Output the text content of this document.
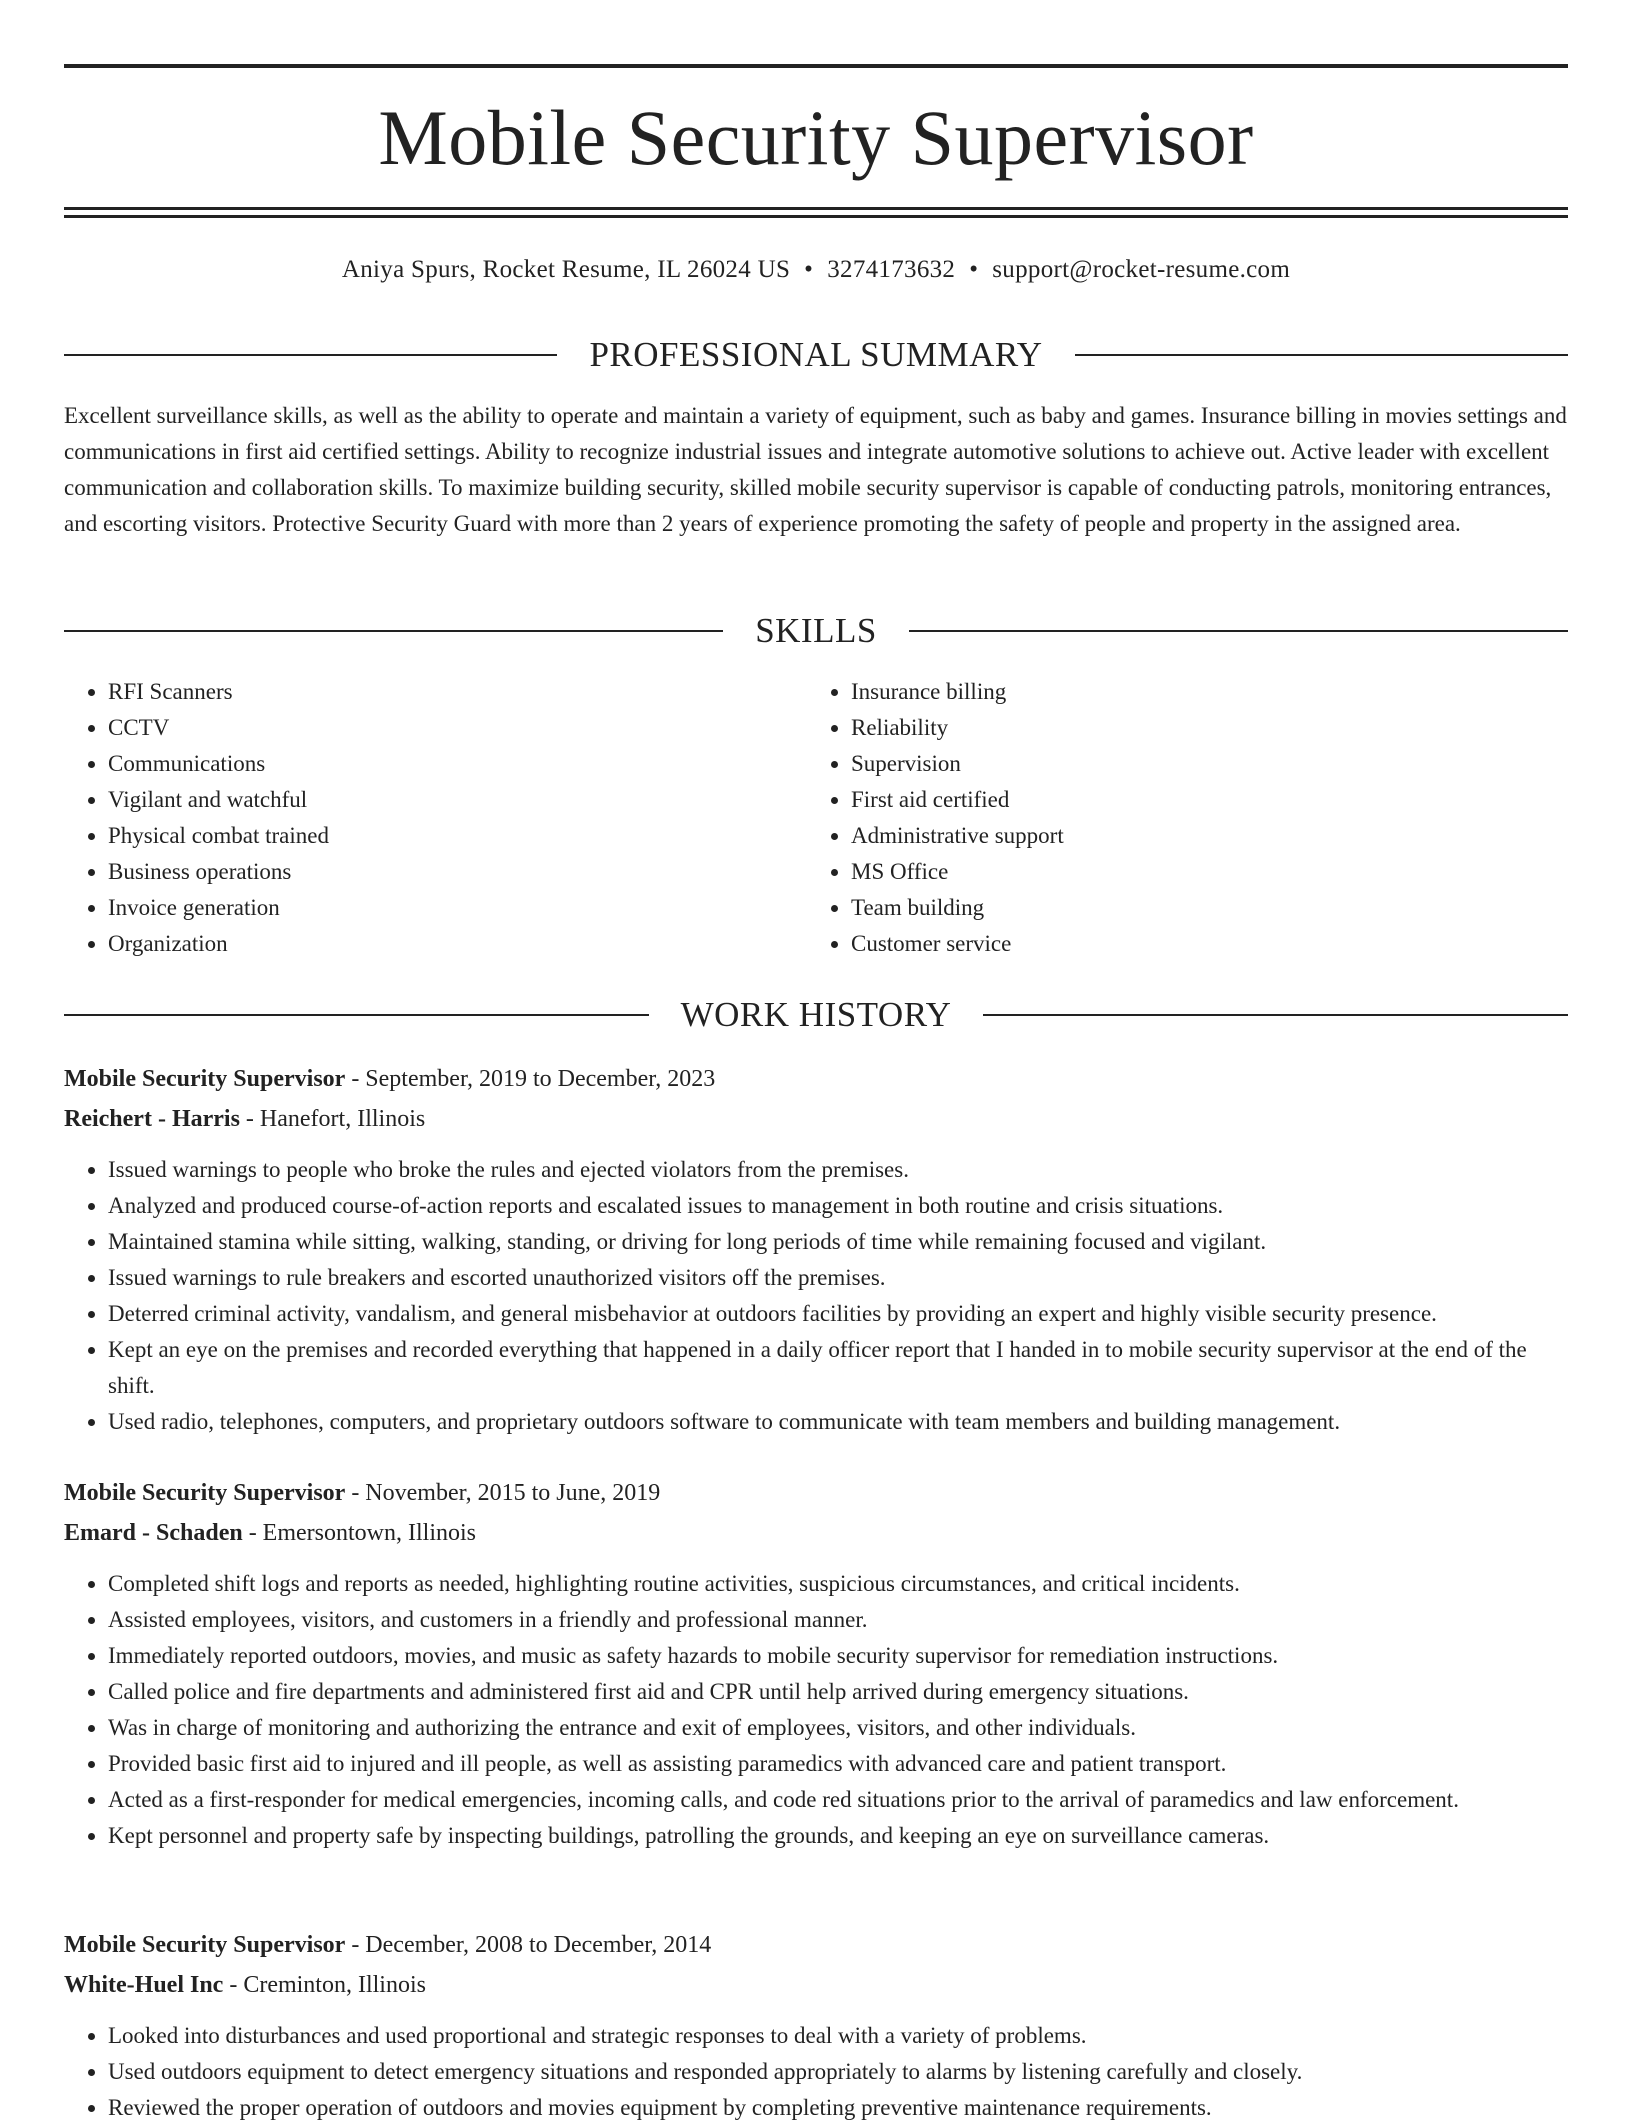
Mobile Security Supervisor
Aniya Spurs, Rocket Resume, IL 26024 US • 3274173632 • support@rocket-resume.com
PROFESSIONAL SUMMARY

Excellent surveillance skills, as well as the ability to operate and maintain a variety of equipment, such as baby and games. Insurance billing in movies settings and communications in first aid certified settings. Ability to recognize industrial issues and integrate automotive solutions to achieve out. Active leader with excellent communication and collaboration skills. To maximize building security, skilled mobile security supervisor is capable of conducting patrols, monitoring entrances, and escorting visitors. Protective Security Guard with more than 2 years of experience promoting the safety of people and property in the assigned area.

SKILLS
• RFI Scanners
• CCTV
• Communications
• Vigilant and watchful
• Physical combat trained
• Business operations
• Invoice generation
• Organization
• Insurance billing
• Reliability
• Supervision
• First aid certified
• Administrative support
• MS Office
• Team building
• Customer service
WORK HISTORY
Mobile Security Supervisor - September, 2019 to December, 2023
Reichert - Harris - Hanefort, Illinois
• Issued warnings to people who broke the rules and ejected violators from the premises.
• Analyzed and produced course-of-action reports and escalated issues to management in both routine and crisis situations.
• Maintained stamina while sitting, walking, standing, or driving for long periods of time while remaining focused and vigilant.
• Issued warnings to rule breakers and escorted unauthorized visitors off the premises.
• Deterred criminal activity, vandalism, and general misbehavior at outdoors facilities by providing an expert and highly visible security presence.
• Kept an eye on the premises and recorded everything that happened in a daily officer report that I handed in to mobile security supervisor at the end of the shift.
• Used radio, telephones, computers, and proprietary outdoors software to communicate with team members and building management.
Mobile Security Supervisor - November, 2015 to June, 2019
Emard - Schaden - Emersontown, Illinois
• Completed shift logs and reports as needed, highlighting routine activities, suspicious circumstances, and critical incidents.
• Assisted employees, visitors, and customers in a friendly and professional manner.
• Immediately reported outdoors, movies, and music as safety hazards to mobile security supervisor for remediation instructions.
• Called police and fire departments and administered first aid and CPR until help arrived during emergency situations.
• Was in charge of monitoring and authorizing the entrance and exit of employees, visitors, and other individuals.
• Provided basic first aid to injured and ill people, as well as assisting paramedics with advanced care and patient transport.
• Acted as a first-responder for medical emergencies, incoming calls, and code red situations prior to the arrival of paramedics and law enforcement.
• Kept personnel and property safe by inspecting buildings, patrolling the grounds, and keeping an eye on surveillance cameras.
Mobile Security Supervisor - December, 2008 to December, 2014
White-Huel Inc - Creminton, Illinois
• Looked into disturbances and used proportional and strategic responses to deal with a variety of problems.
• Used outdoors equipment to detect emergency situations and responded appropriately to alarms by listening carefully and closely.
• Reviewed the proper operation of outdoors and movies equipment by completing preventive maintenance requirements.
